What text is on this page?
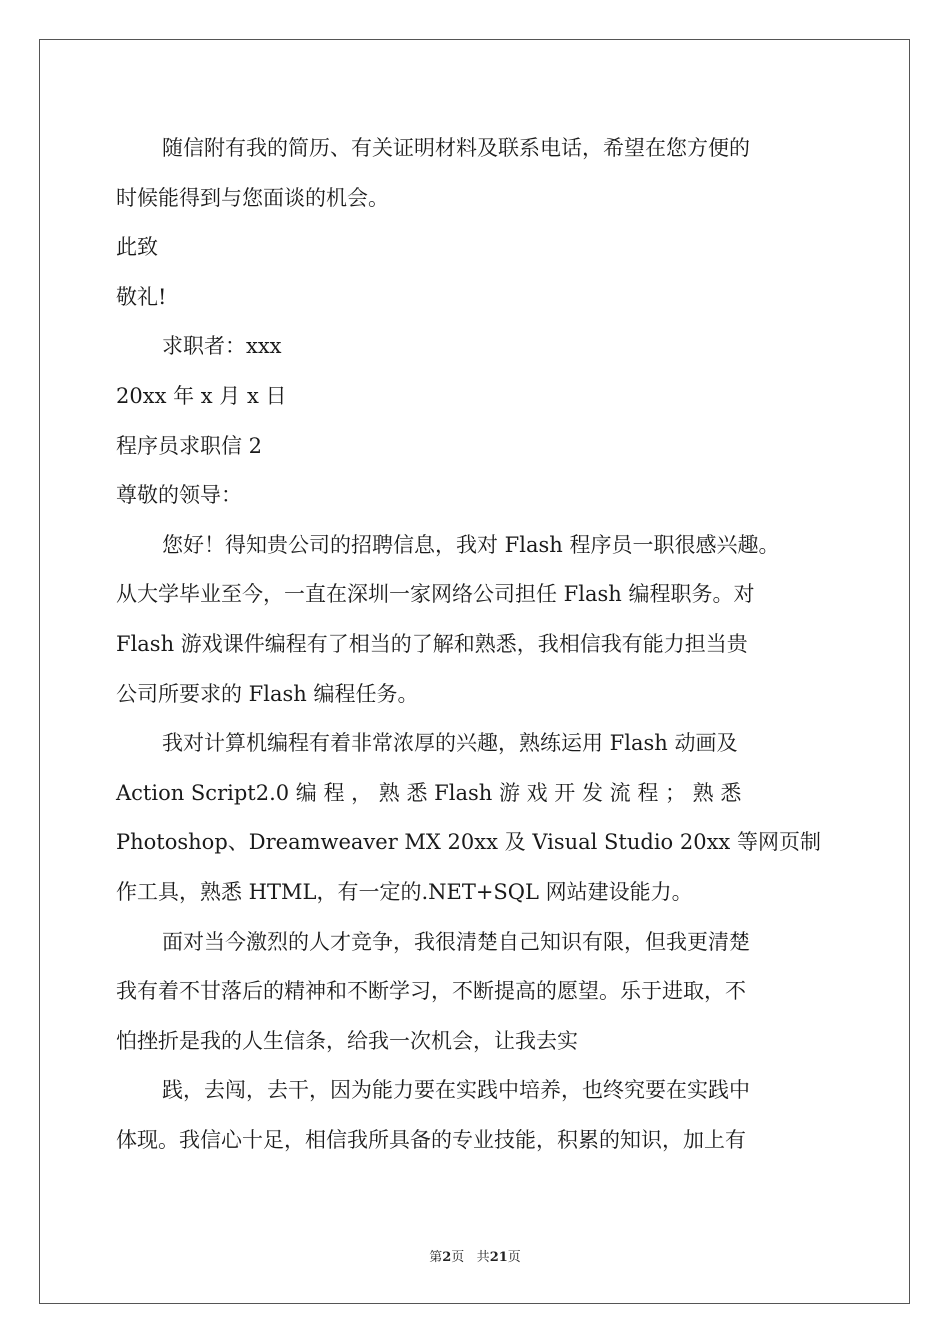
随信附有我的简历、有关证明材料及联系电话，希望在您方便的
时候能得到与您面谈的机会。
此致
敬礼!
求职者：xxx
20xx 年 x 月 x 日
程序员求职信 2
尊敬的领导：
您好！得知贵公司的招聘信息，我对 Flash 程序员一职很感兴趣。
从大学毕业至今，一直在深圳一家网络公司担任 Flash 编程职务。对
Flash 游戏课件编程有了相当的了解和熟悉，我相信我有能力担当贵
公司所要求的 Flash 编程任务。
我对计算机编程有着非常浓厚的兴趣，熟练运用 Flash 动画及
Action Script2.0 编 程 ， 熟 悉 Flash 游 戏 开 发 流 程 ； 熟 悉
Photoshop、Dreamweaver MX 20xx 及 Visual Studio 20xx 等网页制
作工具，熟悉 HTML，有一定的.NET+SQL 网站建设能力。
面对当今激烈的人才竞争，我很清楚自己知识有限，但我更清楚
我有着不甘落后的精神和不断学习，不断提高的愿望。乐于进取，不
怕挫折是我的人生信条，给我一次机会，让我去实
践，去闯，去干，因为能力要在实践中培养，也终究要在实践中
体现。我信心十足，相信我所具备的专业技能，积累的知识，加上有
第2页 共21页
